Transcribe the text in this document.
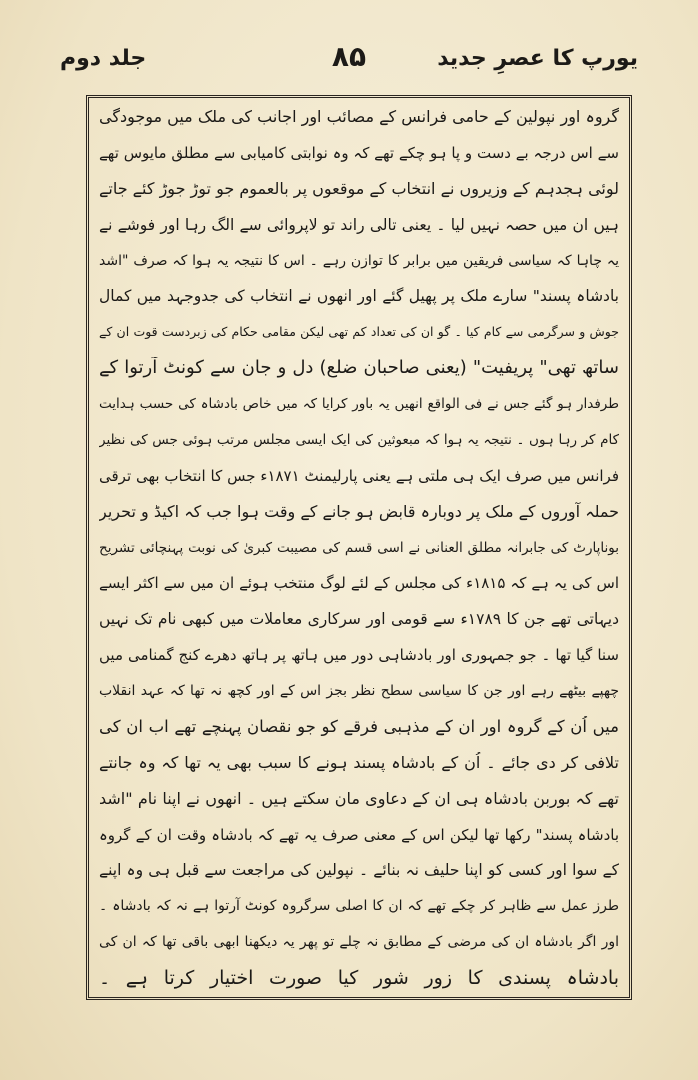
یورپ کا عصرِ جدید
۸۵
جلد دوم
گروہ اور نپولین کے حامی فرانس کے مصائب اور اجانب کی ملک میں موجودگی
سے اس درجہ بے دست و پا ہو چکے تھے کہ وہ نوابتی کامیابی سے مطلق مایوس تھے
لوئی ہجدہم کے وزیروں نے انتخاب کے موقعوں پر بالعموم جو توڑ جوڑ کئے جاتے
ہیں ان میں حصہ نہیں لیا ۔ یعنی تالی راند تو لاپروائی سے الگ رہا اور فوشے نے
یہ چاہا کہ سیاسی فریقین میں برابر کا توازن رہے ۔ اس کا نتیجہ یہ ہوا کہ صرف "اشد
بادشاہ پسند" سارے ملک پر پھیل گئے اور انھوں نے انتخاب کی جدوجہد میں کمال
جوش و سرگرمی سے کام کیا ۔ گو ان کی تعداد کم تھی لیکن مقامی حکام کی زبردست قوت ان کے
ساتھ تھی" پریفیت" (یعنی صاحبان ضلع) دل و جان سے کونٹ آرتوا کے
طرفدار ہو گئے جس نے فی الواقع انھیں یہ باور کرایا کہ میں خاص بادشاہ کی حسب ہدایت
کام کر رہا ہوں ۔ نتیجہ یہ ہوا کہ مبعوثین کی ایک ایسی مجلس مرتب ہوئی جس کی نظیر
فرانس میں صرف ایک ہی ملتی ہے یعنی پارلیمنٹ ۱۸۷۱ء جس کا انتخاب بھی ترقی
حملہ آوروں کے ملک پر دوبارہ قابض ہو جانے کے وقت ہوا جب کہ اکیڈ و تحریر
بوناپارٹ کی جابرانہ مطلق العنانی نے اسی قسم کی مصیبت کبریٰ کی نوبت پہنچائی تشریح
اس کی یہ ہے کہ ۱۸۱۵ء کی مجلس کے لئے لوگ منتخب ہوئے ان میں سے اکثر ایسے
دیہاتی تھے جن کا ۱۷۸۹ء سے قومی اور سرکاری معاملات میں کبھی نام تک نہیں
سنا گیا تھا ۔ جو جمہوری اور بادشاہی دور میں ہاتھ پر ہاتھ دھرے کنج گمنامی میں
چھپے بیٹھے رہے اور جن کا سیاسی سطح نظر بجز اس کے اور کچھ نہ تھا کہ عہد انقلاب
میں اُن کے گروہ اور ان کے مذہبی فرقے کو جو نقصان پہنچے تھے اب ان کی
تلافی کر دی جائے ۔ اُن کے بادشاہ پسند ہونے کا سبب بھی یہ تھا کہ وہ جانتے
تھے کہ بوربن بادشاہ ہی ان کے دعاوی مان سکتے ہیں ۔ انھوں نے اپنا نام "اشد
بادشاہ پسند" رکھا تھا لیکن اس کے معنی صرف یہ تھے کہ بادشاہ وقت ان کے گروہ
کے سوا اور کسی کو اپنا حلیف نہ بنائے ۔ نپولین کی مراجعت سے قبل ہی وہ اپنے
طرز عمل سے ظاہر کر چکے تھے کہ ان کا اصلی سرگروہ کونٹ آرتوا ہے نہ کہ بادشاہ ۔
اور اگر بادشاہ ان کی مرضی کے مطابق نہ چلے تو پھر یہ دیکھنا ابھی باقی تھا کہ ان کی
بادشاہ پسندی کا زور شور کیا صورت اختیار کرتا ہے ۔
